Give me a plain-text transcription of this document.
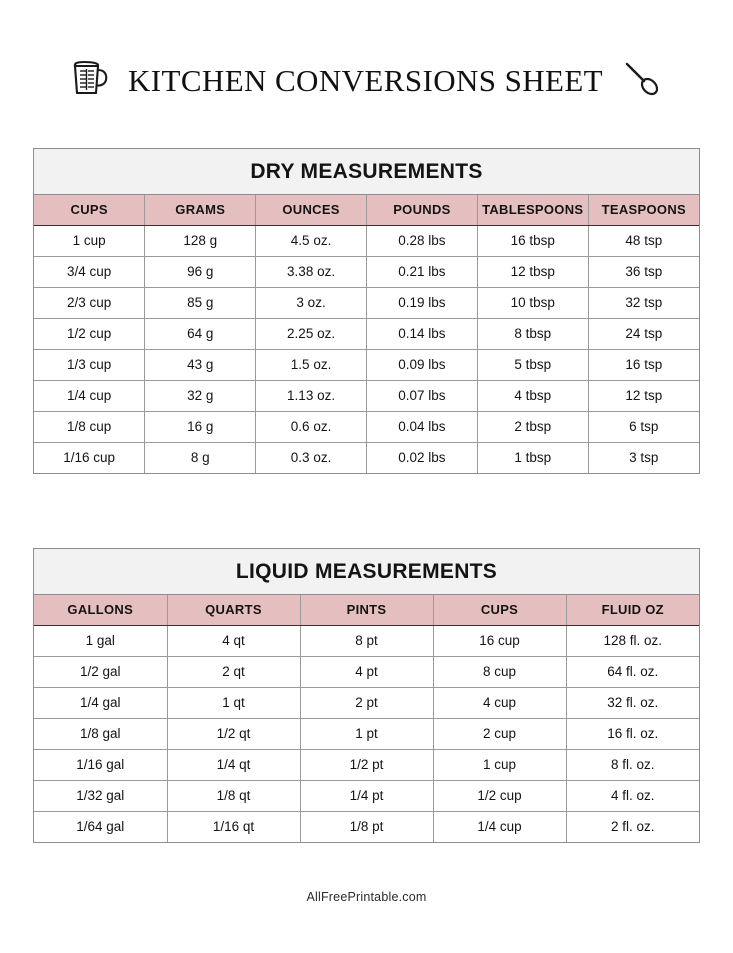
KITCHEN CONVERSIONS SHEET
DRY MEASUREMENTS
CUPS	GRAMS	OUNCES	POUNDS	TABLESPOONS	TEASPOONS
1 cup	128 g	4.5 oz.	0.28 lbs	16 tbsp	48 tsp
3/4 cup	96 g	3.38 oz.	0.21 lbs	12 tbsp	36 tsp
2/3 cup	85 g	3 oz.	0.19 lbs	10 tbsp	32 tsp
1/2 cup	64 g	2.25 oz.	0.14 lbs	8 tbsp	24 tsp
1/3 cup	43 g	1.5 oz.	0.09 lbs	5 tbsp	16 tsp
1/4 cup	32 g	1.13 oz.	0.07 lbs	4 tbsp	12 tsp
1/8 cup	16 g	0.6 oz.	0.04 lbs	2 tbsp	6 tsp
1/16 cup	8 g	0.3 oz.	0.02 lbs	1 tbsp	3 tsp
LIQUID MEASUREMENTS
GALLONS	QUARTS	PINTS	CUPS	FLUID OZ
1 gal	4 qt	8 pt	16 cup	128 fl. oz.
1/2 gal	2 qt	4 pt	8 cup	64 fl. oz.
1/4 gal	1 qt	2 pt	4 cup	32 fl. oz.
1/8 gal	1/2 qt	1 pt	2 cup	16 fl. oz.
1/16 gal	1/4 qt	1/2 pt	1 cup	8 fl. oz.
1/32 gal	1/8 qt	1/4 pt	1/2 cup	4 fl. oz.
1/64 gal	1/16 qt	1/8 pt	1/4 cup	2 fl. oz.
AllFreePrintable.com
